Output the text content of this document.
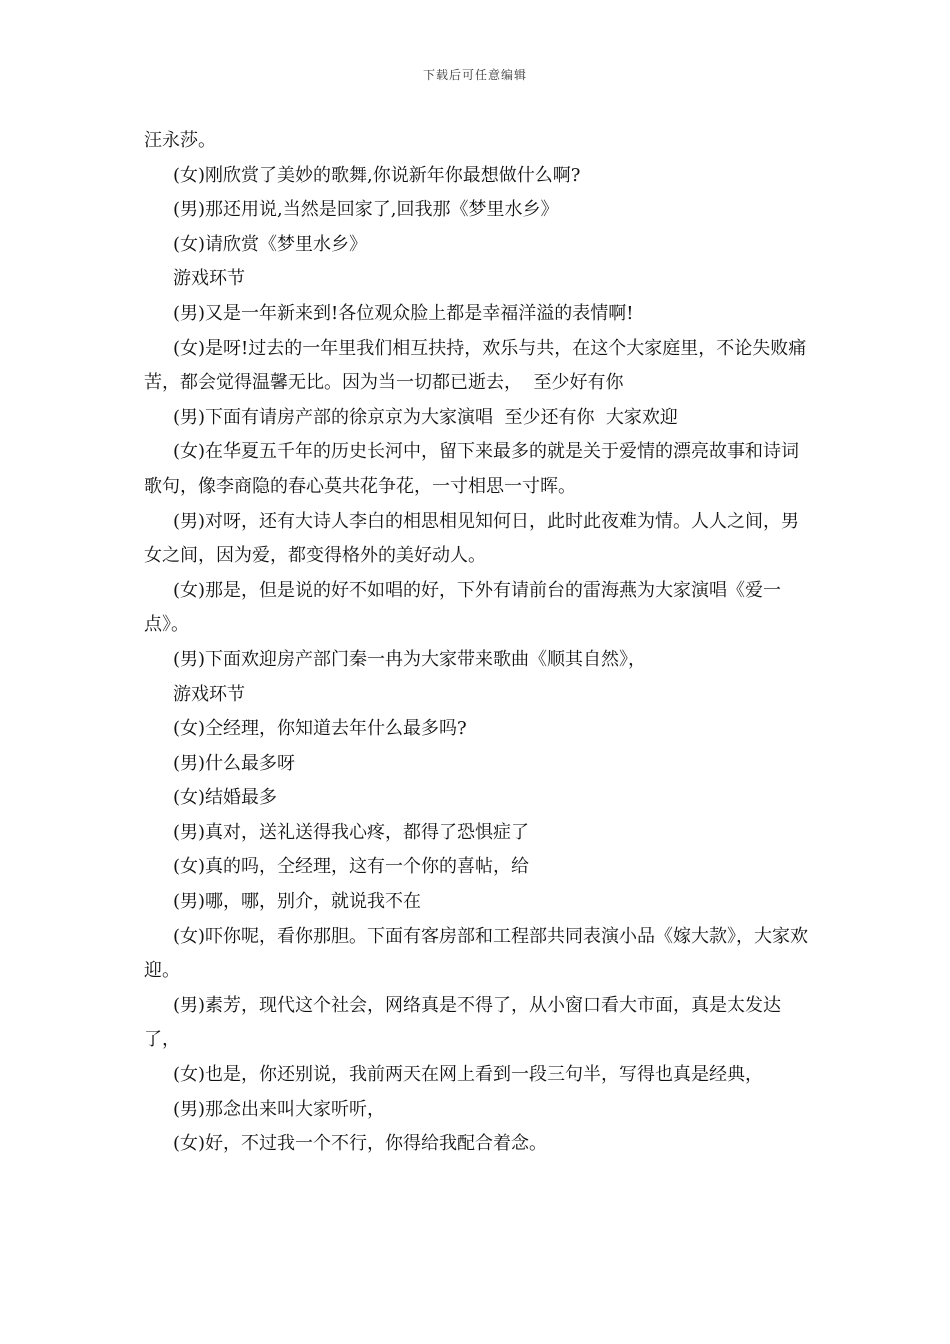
下载后可任意编辑

汪永莎。

(女)刚欣赏了美妙的歌舞,你说新年你最想做什么啊?

(男)那还用说,当然是回家了,回我那《梦里水乡》

(女)请欣赏《梦里水乡》

游戏环节

(男)又是一年新来到!各位观众脸上都是幸福洋溢的表情啊!

(女)是呀!过去的一年里我们相互扶持，欢乐与共，在这个大家庭里，不论失败痛苦，都会觉得温馨无比。因为当一切都已逝去，  至少好有你

(男)下面有请房产部的徐京京为大家演唱  至少还有你  大家欢迎

(女)在华夏五千年的历史长河中，留下来最多的就是关于爱情的漂亮故事和诗词歌句，像李商隐的春心莫共花争花，一寸相思一寸晖。

(男)对呀，还有大诗人李白的相思相见知何日，此时此夜难为情。人人之间，男女之间，因为爱，都变得格外的美好动人。

(女)那是，但是说的好不如唱的好，下外有请前台的雷海燕为大家演唱《爱一点》。

(男)下面欢迎房产部门秦一冉为大家带来歌曲《顺其自然》，

游戏环节

(女)仝经理，你知道去年什么最多吗?

(男)什么最多呀

(女)结婚最多

(男)真对，送礼送得我心疼，都得了恐惧症了

(女)真的吗，仝经理，这有一个你的喜帖，给

(男)哪，哪，别介，就说我不在

(女)吓你呢，看你那胆。下面有客房部和工程部共同表演小品《嫁大款》，大家欢迎。

(男)素芳，现代这个社会，网络真是不得了，从小窗口看大市面，真是太发达了，

(女)也是，你还别说，我前两天在网上看到一段三句半，写得也真是经典，

(男)那念出来叫大家听听，

(女)好，不过我一个不行，你得给我配合着念。
